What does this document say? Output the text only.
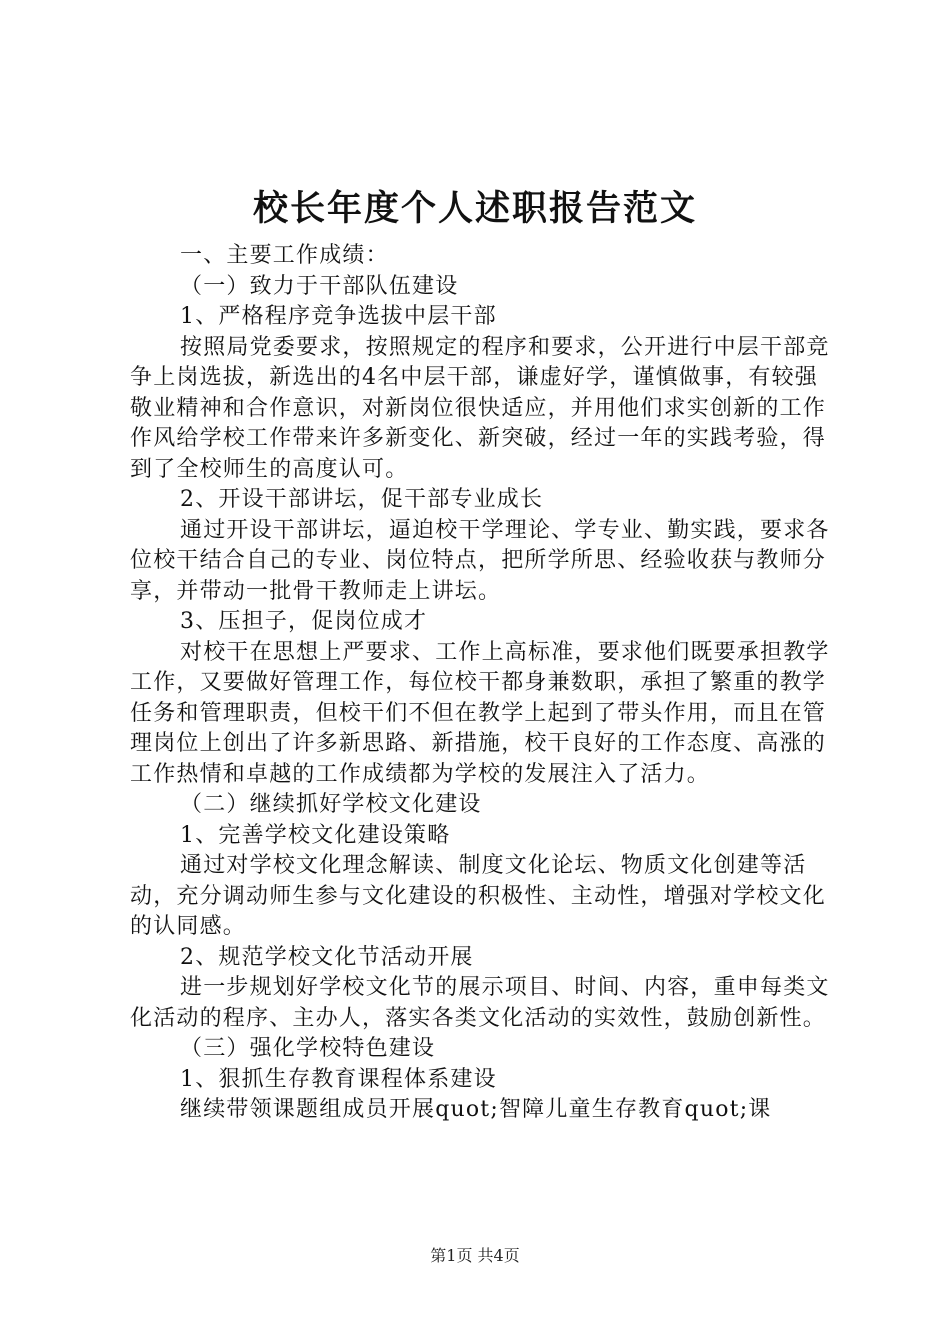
校长年度个人述职报告范文

一、主要工作成绩：

（一）致力于干部队伍建设

1、严格程序竞争选拔中层干部

按照局党委要求，按照规定的程序和要求，公开进行中层干部竞争上岗选拔，新选出的4名中层干部，谦虚好学，谨慎做事，有较强敬业精神和合作意识，对新岗位很快适应，并用他们求实创新的工作作风给学校工作带来许多新变化、新突破，经过一年的实践考验，得到了全校师生的高度认可。

2、开设干部讲坛，促干部专业成长

通过开设干部讲坛，逼迫校干学理论、学专业、勤实践，要求各位校干结合自己的专业、岗位特点，把所学所思、经验收获与教师分享，并带动一批骨干教师走上讲坛。

3、压担子，促岗位成才

对校干在思想上严要求、工作上高标准，要求他们既要承担教学工作，又要做好管理工作，每位校干都身兼数职，承担了繁重的教学任务和管理职责，但校干们不但在教学上起到了带头作用，而且在管理岗位上创出了许多新思路、新措施，校干良好的工作态度、高涨的工作热情和卓越的工作成绩都为学校的发展注入了活力。

（二）继续抓好学校文化建设

1、完善学校文化建设策略

通过对学校文化理念解读、制度文化论坛、物质文化创建等活动，充分调动师生参与文化建设的积极性、主动性，增强对学校文化的认同感。

2、规范学校文化节活动开展

进一步规划好学校文化节的展示项目、时间、内容，重申每类文化活动的程序、主办人，落实各类文化活动的实效性，鼓励创新性。

（三）强化学校特色建设

1、狠抓生存教育课程体系建设

继续带领课题组成员开展quot;智障儿童生存教育quot;课

第1页 共4页
